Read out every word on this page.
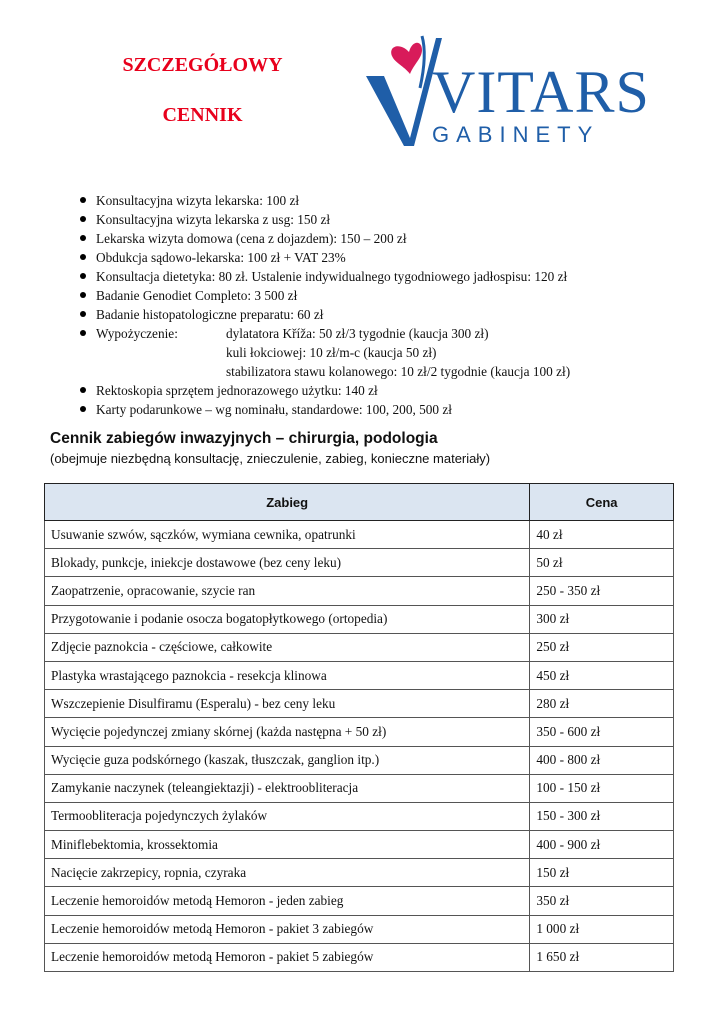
SZCZEGÓŁOWY
CENNIK	VITARS
GABINETY
Konsultacyjna wizyta lekarska: 100 zł
Konsultacyjna wizyta lekarska z usg: 150 zł
Lekarska wizyta domowa (cena z dojazdem): 150 – 200 zł
Obdukcja sądowo-lekarska: 100 zł + VAT 23%
Konsultacja dietetyka: 80 zł. Ustalenie indywidualnego tygodniowego jadłospisu: 120 zł
Badanie Genodiet Completo: 3 500 zł
Badanie histopatologiczne preparatu: 60 zł
Wypożyczenie:	dylatatora Kříža: 50 zł/3 tygodnie (kaucja 300 zł)
kuli łokciowej: 10 zł/m-c (kaucja 50 zł)
stabilizatora stawu kolanowego: 10 zł/2 tygodnie (kaucja 100 zł)
Rektoskopia sprzętem jednorazowego użytku: 140 zł
Karty podarunkowe – wg nominału, standardowe: 100, 200, 500 zł
Cennik zabiegów inwazyjnych – chirurgia, podologia
(obejmuje niezbędną konsultację, znieczulenie, zabieg, konieczne materiały)
Zabieg	Cena
Usuwanie szwów, sączków, wymiana cewnika, opatrunki	40 zł
Blokady, punkcje, iniekcje dostawowe (bez ceny leku)	50 zł
Zaopatrzenie, opracowanie, szycie ran	250 - 350 zł
Przygotowanie i podanie osocza bogatopłytkowego (ortopedia)	300 zł
Zdjęcie paznokcia - częściowe, całkowite	250 zł
Plastyka wrastającego paznokcia - resekcja klinowa	450 zł
Wszczepienie Disulfiramu (Esperalu) - bez ceny leku	280 zł
Wycięcie pojedynczej zmiany skórnej (każda następna + 50 zł)	350 - 600 zł
Wycięcie guza podskórnego (kaszak, tłuszczak, ganglion itp.)	400 - 800 zł
Zamykanie naczynek (teleangiektazji) - elektroobliteracja	100 - 150 zł
Termoobliteracja pojedynczych żylaków	150 - 300 zł
Miniflebektomia, krossektomia	400 - 900 zł
Nacięcie zakrzepicy, ropnia, czyraka	150 zł
Leczenie hemoroidów metodą Hemoron - jeden zabieg	350 zł
Leczenie hemoroidów metodą Hemoron - pakiet 3 zabiegów	1 000 zł
Leczenie hemoroidów metodą Hemoron - pakiet 5 zabiegów	1 650 zł
